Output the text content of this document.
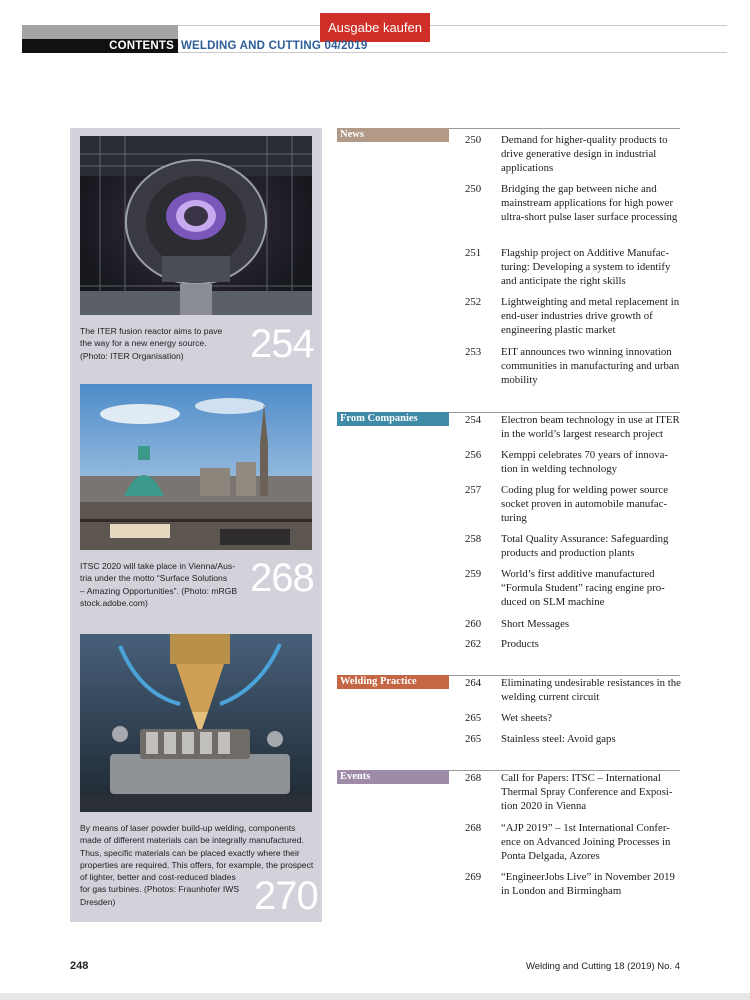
Ausgabe kaufen
CONTENTS WELDING AND CUTTING 04/2019
The ITER fusion reactor aims to pave
the way for a new energy source.
(Photo: ITER Organisation)	254
ITSC 2020 will take place in Vienna/Aus-
tria under the motto “Surface Solutions
– Amazing Opportunities”. (Photo: mRGB
stock.adobe.com)
268
By means of laser powder build-up welding, components
made of different materials can be integrally manufactured.
Thus, specific materials can be placed exactly where their
properties are required. This offers, for example, the prospect
of lighter, better and cost-reduced blades
for gas turbines. (Photos: Fraunhofer IWS
Dresden)	270
News	250	Demand for higher-quality products to drive generative design in industrial applications
250	Bridging the gap between niche and mainstream applications for high power ultra-short pulse laser surface processing
251	Flagship project on Additive Manufac-turing: Developing a system to identify and anticipate the right skills
252	Lightweighting and metal replacement in end-user industries drive growth of engineering plastic market
253	EIT announces two winning innovation communities in manufacturing and urban mobility
From Companies	254	Electron beam technology in use at ITER in the world’s largest research project
256	Kemppi celebrates 70 years of innova-tion in welding technology
257	Coding plug for welding power source socket proven in automobile manufac-turing
258	Total Quality Assurance: Safeguarding products and production plants
259	World’s first additive manufactured “Formula Student” racing engine pro-duced on SLM machine
260	Short Messages
262	Products
Welding Practice	264	Eliminating undesirable resistances in the welding current circuit
265	Wet sheets?
265	Stainless steel: Avoid gaps
Events	268	Call for Papers: ITSC – International Thermal Spray Conference and Exposi-tion 2020 in Vienna
268	“AJP 2019” – 1st International Confer-ence on Advanced Joining Processes in Ponta Delgada, Azores
269	“EngineerJobs Live” in November 2019 in London and Birmingham
248	Welding and Cutting 18 (2019) No. 4
